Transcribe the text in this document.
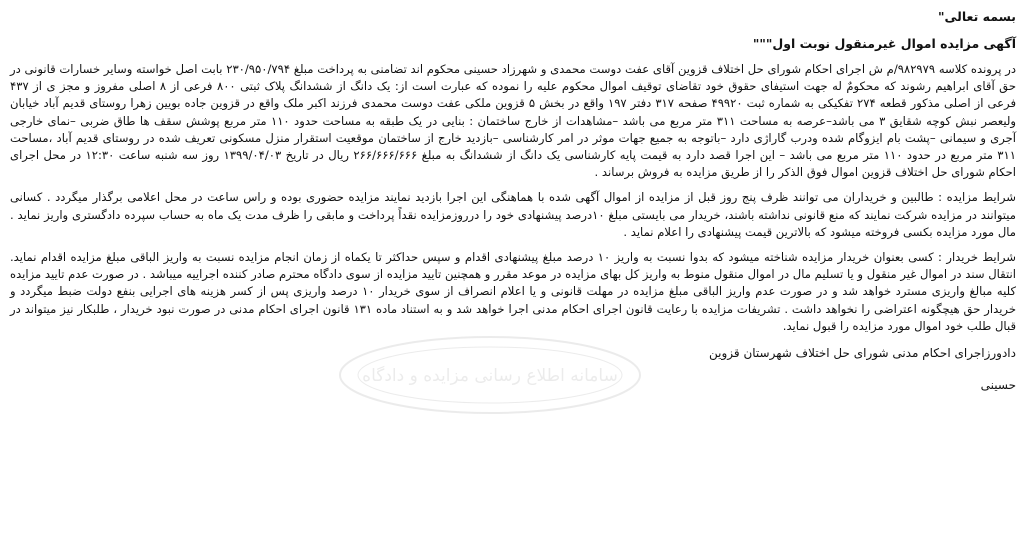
سامانه اطلاع رسانی مزایده و دادگاه
بسمه تعالی"
آگهی مزایده اموال غیرمنقول نوبت اول"""

در پرونده کلاسه ۹۸۲۹۷۹/م ش اجرای احکام شورای حل اختلاف قزوین آقای عفت دوست محمدی و شهرزاد حسینی محکوم اند تضامنی به پرداخت مبلغ ۲۳۰/۹۵۰/۷۹۴ بابت اصل خواسته وسایر خسارات قانونی در حق آقای ابراهیم رشوند که محکومٌ له جهت استیفای حقوق خود تقاضای توقیف اموال محکوم علیه را نموده که عبارت است از: یک دانگ از ششدانگ پلاک ثبتی ۸۰۰ فرعی از ۸ اصلی مفروز و مجز ی از ۴۳۷ فرعی از اصلی مذکور قطعه ۲۷۴ تفکیکی به شماره ثبت ۴۹۹۲۰ صفحه ۳۱۷ دفتر ۱۹۷ واقع در بخش ۵ قزوین ملکی عفت دوست محمدی فرزند اکبر ملک واقع در قزوین جاده بویین زهرا روستای قدیم آباد خیابان ولیعصر نبش کوچه شقایق ۳ می باشد–عرصه به مساحت ۳۱۱ متر مربع می باشد –مشاهدات از خارج ساختمان : بنایی در یک طبقه به مساحت حدود ۱۱۰ متر مربع پوشش سقف ها طاق ضربی –نمای خارجی آجری و سیمانی –پشت بام ایزوگام شده ودرب گاراژی دارد –باتوجه به جمیع جهات موثر در امر کارشناسی –بازدید خارج از ساختمان موقعیت استقرار منزل مسکونی تعریف شده در روستای قدیم آباد ،مساحت ۳۱۱ متر مربع در حدود ۱۱۰ متر مربع می باشد – این اجرا قصد دارد به قیمت پایه کارشناسی یک دانگ از ششدانگ به مبلغ ۲۶۶/۶۶۶/۶۶۶ ریال در تاریخ ۱۳۹۹/۰۴/۰۳ روز سه شنبه ساعت ۱۲:۳۰ در محل اجرای احکام شورای حل اختلاف قزوین اموال فوق الذکر را از طریق مزایده به فروش برساند .

شرایط مزایده : طالبین و خریداران می توانند ظرف پنج روز قبل از مزایده از اموال آگهی شده با هماهنگی این اجرا بازدید نمایند مزایده حضوری بوده و راس ساعت در محل اعلامی برگذار میگردد . کسانی میتوانند در مزایده شرکت نمایند که منع قانونی نداشته باشند، خریدار می بایستی مبلغ ۱۰درصد پیشنهادی خود را درروزمزایده نقداً پرداخت و مابقی را ظرف مدت یک ماه به حساب سپرده دادگستری واریز نماید . مال مورد مزایده بکسی فروخته میشود که بالاترین قیمت پیشنهادی را اعلام نماید .

شرایط خریدار : کسی بعنوان خریدار مزایده شناخته میشود که بدوا نسبت به واریز ۱۰ درصد مبلغ پیشنهادی اقدام و سپس حداکثر تا یکماه از زمان انجام مزایده نسبت به واریز الباقی مبلغ مزایده اقدام نماید. انتقال سند در اموال غیر منقول و یا تسلیم مال در اموال منقول منوط به واریز کل بهای مزایده در موعد مقرر و همچنین تایید مزایده از سوی دادگاه محترم صادر کننده اجراییه میباشد . در صورت عدم تایید مزایده کلیه مبالغ واریزی مسترد خواهد شد و در صورت عدم واریز الباقی مبلغ مزایده در مهلت قانونی و یا اعلام انصراف از سوی خریدار ۱۰ درصد واریزی پس از کسر هزینه های اجرایی بنفع دولت ضبط میگردد و خریدار حق هیچگونه اعتراضی را نخواهد داشت . تشریفات مزایده با رعایت قانون اجرای احکام مدنی اجرا خواهد شد و به استناد ماده ۱۳۱ قانون اجرای احکام مدنی در صورت نبود خریدار ، طلبکار نیز میتواند در قبال طلب خود اموال مورد مزایده را قبول نماید.

دادورزاجرای احکام مدنی شورای حل اختلاف شهرستان قزوین
حسینی
